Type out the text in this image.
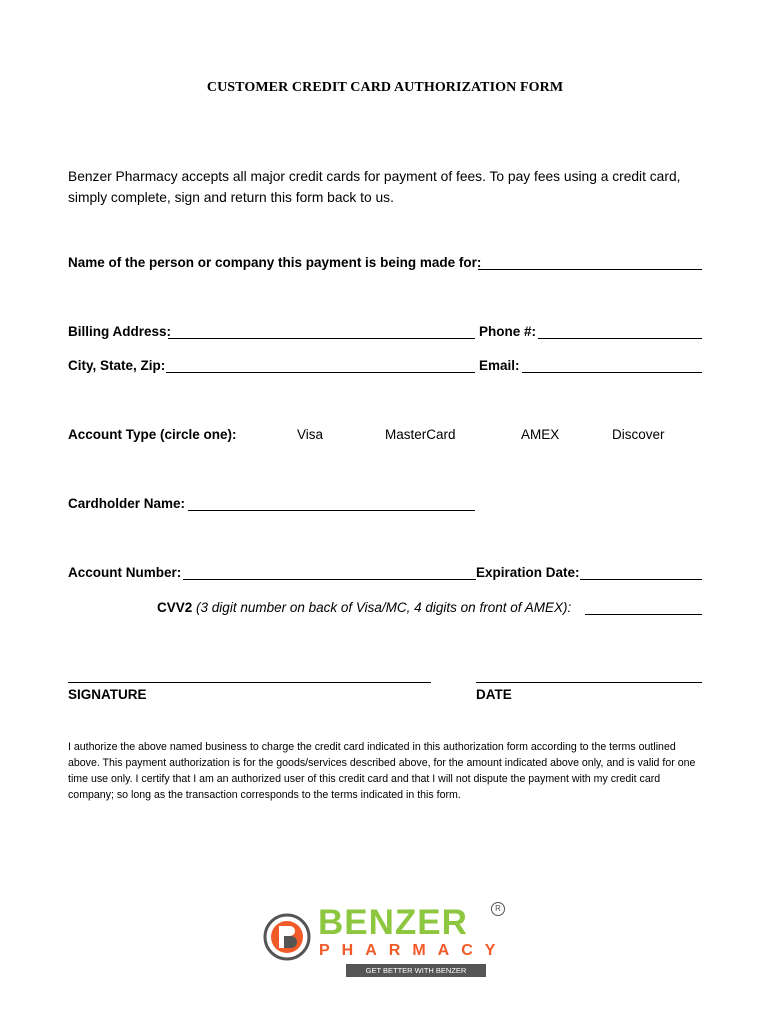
CUSTOMER CREDIT CARD AUTHORIZATION FORM
Benzer Pharmacy accepts all major credit cards for payment of fees. To pay fees using a credit card, simply complete, sign and return this form back to us.
Name of the person or company this payment is being made for:
Billing Address:	Phone #:
City, State, Zip:	Email:
Account Type (circle one):	Visa	MasterCard	AMEX	Discover
Cardholder Name:
Account Number:	Expiration Date:
CVV2 (3 digit number on back of Visa/MC, 4 digits on front of AMEX):
SIGNATURE	DATE
I authorize the above named business to charge the credit card indicated in this authorization form according to the terms outlined above. This payment authorization is for the goods/services described above, for the amount indicated above only, and is valid for one time use only. I certify that I am an authorized user of this credit card and that I will not dispute the payment with my credit card company; so long as the transaction corresponds to the terms indicated in this form.
BENZER
PHARMACY
GET BETTER WITH BENZER
R
